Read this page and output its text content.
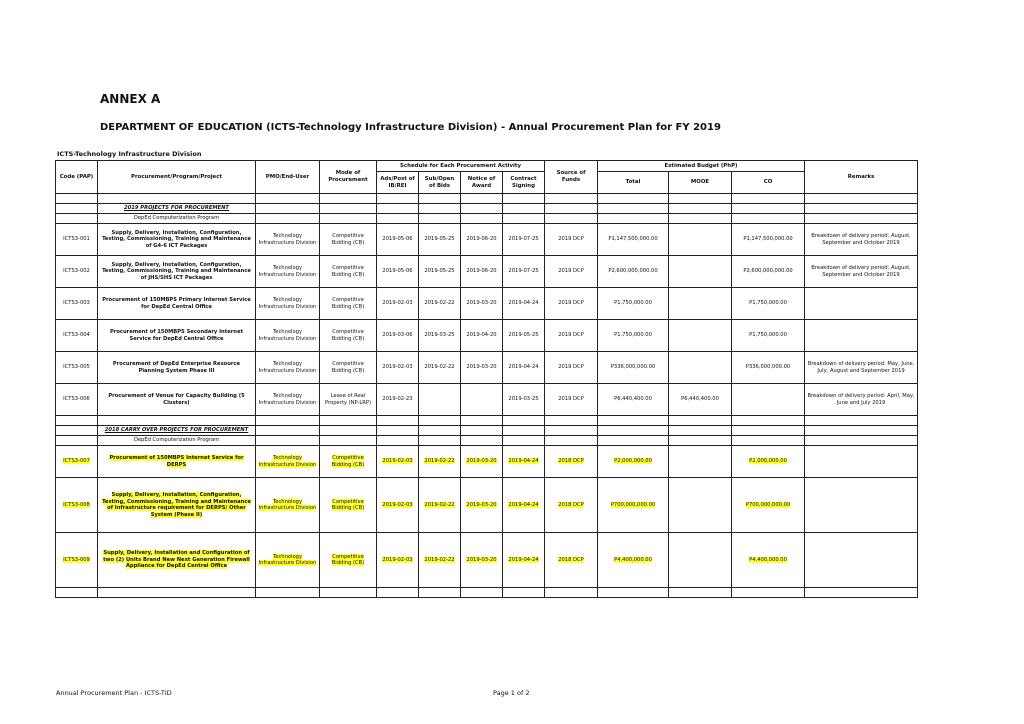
ANNEX A
DEPARTMENT OF EDUCATION (ICTS-Technology Infrastructure Division) - Annual Procurement Plan for FY 2019
ICTS-Technology Infrastructure Division
Code (PAP)	Procurement/Program/Project	PMO/End-User	Mode of Procurement	Schedule for Each Procurement Activity				Source of Funds	Estimated Budget (PhP)			Remarks
				Ads/Post of IB/REI	Sub/Open of Bids	Notice of Award	Contract Signing		Total	MOOE	CO	

	2019 PROJECTS FOR PROCUREMENT											
	DepEd Computerization Program											
ICTS3-001	Supply, Delivery, Installation, Configuration, Testing, Commissioning, Training and Maintenance of G4-6 ICT Packages	Technology Infrastructure Division	Competitive Bidding (CB)	2019-05-06	2019-05-25	2019-06-20	2019-07-25	2019 DCP	P1,147,500,000.00		P1,147,500,000.00	Breakdown of delivery period: August, September and October 2019
ICTS3-002	Supply, Delivery, Installation, Configuration, Testing, Commissioning, Training and Maintenance of JHS/SHS ICT Packages	Technology Infrastructure Division	Competitive Bidding (CB)	2019-05-06	2019-05-25	2019-06-20	2019-07-25	2019 DCP	P2,600,000,000.00		P2,600,000,000.00	Breakdown of delivery period: August, September and October 2019
ICTS3-003	Procurement of 150MBPS Primary Internet Service for DepEd Central Office	Technology Infrastructure Division	Competitive Bidding (CB)	2019-02-03	2019-02-22	2019-03-20	2019-04-24	2019 DCP	P1,750,000.00		P1,750,000.00	
ICTS3-004	Procurement of 150MBPS Secondary Internet Service for DepEd Central Office	Technology Infrastructure Division	Competitive Bidding (CB)	2019-03-06	2019-03-25	2019-04-20	2019-05-25	2019 DCP	P1,750,000.00		P1,750,000.00	
ICTS3-005	Procurement of DepEd Enterprise Resource Planning System Phase III	Technology Infrastructure Division	Competitive Bidding (CB)	2019-02-03	2019-02-22	2019-03-20	2019-04-24	2019 DCP	P336,000,000.00		P336,000,000.00	Breakdown of delivery period: May, June, July, August and September 2019
ICTS3-006	Procurement of Venue for Capacity Building (5 Clusters)	Technology Infrastructure Division	Lease of Real Property (NP-LRP)	2019-02-23			2019-03-25	2019 DCP	P6,440,400.00	P6,440,400.00		Breakdown of delivery period: April, May, June and July 2019

	2018 CARRY OVER PROJECTS FOR PROCUREMENT											
	DepEd Computerization Program											
ICTS3-007	Procurement of 150MBPS Internet Service for DERPS	Technology Infrastructure Division	Competitive Bidding (CB)	2019-02-03	2019-02-22	2019-03-20	2019-04-24	2018 DCP	P2,000,000.00		P2,000,000.00	
ICTS3-008	Supply, Delivery, Installation, Configuration, Testing, Commissioning, Training and Maintenance of Infrastructure requirement for DERPS/ Other System (Phase II)	Technology Infrastructure Division	Competitive Bidding (CB)	2019-02-03	2019-02-22	2019-03-20	2019-04-24	2018 DCP	P700,000,000.00		P700,000,000.00	
ICTS3-009	Supply, Delivery, Installation and Configuration of two (2) Units Brand New Next Generation Firewall Appliance for DepEd Central Office	Technology Infrastructure Division	Competitive Bidding (CB)	2019-02-03	2019-02-22	2019-03-20	2019-04-24	2018 DCP	P4,400,000.00		P4,400,000.00	

Annual Procurement Plan - ICTS-TID	Page 1 of 2
